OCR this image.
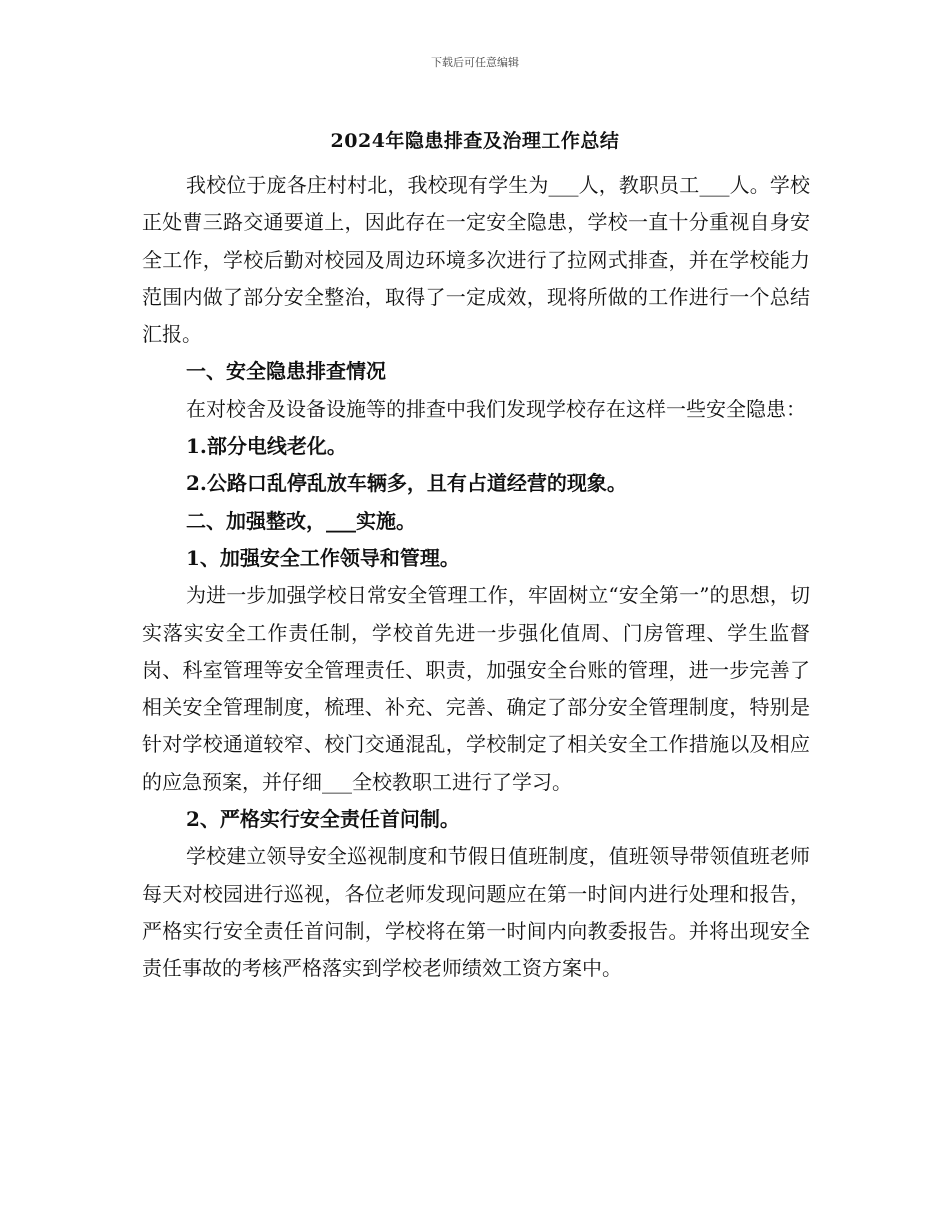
下载后可任意编辑
2024年隐患排查及治理工作总结

我校位于庞各庄村村北，我校现有学生为___人，教职员工___人。学校正处曹三路交通要道上，因此存在一定安全隐患，学校一直十分重视自身安全工作，学校后勤对校园及周边环境多次进行了拉网式排查，并在学校能力范围内做了部分安全整治，取得了一定成效，现将所做的工作进行一个总结汇报。

一、安全隐患排查情况

在对校舍及设备设施等的排查中我们发现学校存在这样一些安全隐患：

1.部分电线老化。

2.公路口乱停乱放车辆多，且有占道经营的现象。

二、加强整改，___实施。

1、加强安全工作领导和管理。

为进一步加强学校日常安全管理工作，牢固树立“安全第一”的思想，切实落实安全工作责任制，学校首先进一步强化值周、门房管理、学生监督岗、科室管理等安全管理责任、职责，加强安全台账的管理，进一步完善了相关安全管理制度，梳理、补充、完善、确定了部分安全管理制度，特别是针对学校通道较窄、校门交通混乱，学校制定了相关安全工作措施以及相应的应急预案，并仔细___全校教职工进行了学习。

2、严格实行安全责任首问制。

学校建立领导安全巡视制度和节假日值班制度，值班领导带领值班老师每天对校园进行巡视，各位老师发现问题应在第一时间内进行处理和报告，严格实行安全责任首问制，学校将在第一时间内向教委报告。并将出现安全责任事故的考核严格落实到学校老师绩效工资方案中。
